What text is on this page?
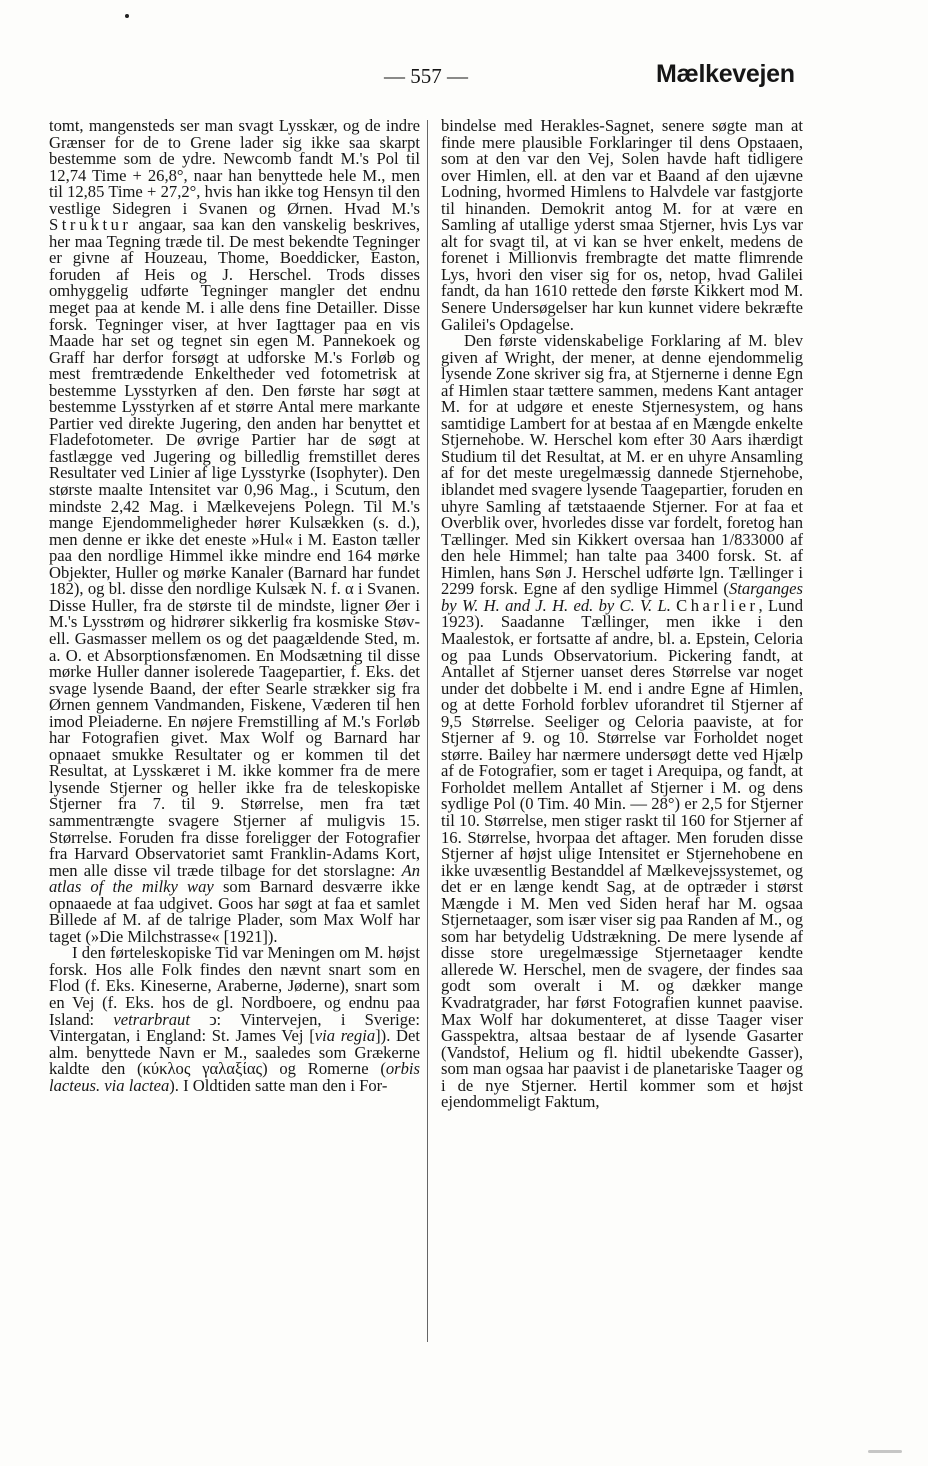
— 557 —	Mælkevejen

tomt, mangensteds ser man svagt Lysskær, og de indre Grænser for de to Grene lader sig ikke saa skarpt bestemme som de ydre. Newcomb fandt M.'s Pol til 12,74 Time + 26,8°, naar han benyttede hele M., men til 12,85 Time + 27,2°, hvis han ikke tog Hensyn til den vestlige Sidegren i Svanen og Ørnen. Hvad M.'s Struktur angaar, saa kan den vanskelig beskrives, her maa Tegning træde til. De mest bekendte Tegninger er givne af Houzeau, Thome, Boeddicker, Easton, foruden af Heis og J. Herschel. Trods disses omhyggelig udførte Tegninger mangler det endnu meget paa at kende M. i alle dens fine Detailler. Disse forsk. Tegninger viser, at hver Iagttager paa en vis Maade har set og tegnet sin egen M. Pannekoek og Graff har derfor forsøgt at udforske M.'s Forløb og mest fremtrædende Enkeltheder ved fotometrisk at bestemme Lysstyrken af den. Den første har søgt at bestemme Lysstyrken af et større Antal mere markante Partier ved direkte Jugering, den anden har benyttet et Fladefotometer. De øvrige Partier har de søgt at fastlægge ved Jugering og billedlig fremstillet deres Resultater ved Linier af lige Lysstyrke (Isophyter). Den største maalte Intensitet var 0,96 Mag., i Scutum, den mindste 2,42 Mag. i Mælkevejens Polegn. Til M.'s mange Ejendommeligheder hører Kulsækken (s. d.), men denne er ikke det eneste »Hul« i M. Easton tæller paa den nordlige Himmel ikke mindre end 164 mørke Objekter, Huller og mørke Kanaler (Barnard har fundet 182), og bl. disse den nordlige Kulsæk N. f. α i Svanen. Disse Huller, fra de største til de mindste, ligner Øer i M.'s Lysstrøm og hidrører sikkerlig fra kosmiske Støv- ell. Gasmasser mellem os og det paagældende Sted, m. a. O. et Absorptionsfænomen. En Modsætning til disse mørke Huller danner isolerede Taagepartier, f. Eks. det svage lysende Baand, der efter Searle strækker sig fra Ørnen gennem Vandmanden, Fiskene, Væderen til hen imod Pleiaderne. En nøjere Fremstilling af M.'s Forløb har Fotografien givet. Max Wolf og Barnard har opnaaet smukke Resultater og er kommen til det Resultat, at Lysskæret i M. ikke kommer fra de mere lysende Stjerner og heller ikke fra de teleskopiske Stjerner fra 7. til 9. Størrelse, men fra tæt sammentrængte svagere Stjerner af muligvis 15. Størrelse. Foruden fra disse foreligger der Fotografier fra Harvard Observatoriet samt Franklin-Adams Kort, men alle disse vil træde tilbage for det storslagne: An atlas of the milky way som Barnard desværre ikke opnaaede at faa udgivet. Goos har søgt at faa et samlet Billede af M. af de talrige Plader, som Max Wolf har taget (»Die Milchstrasse« [1921]).

I den førteleskopiske Tid var Meningen om M. højst forsk. Hos alle Folk findes den nævnt snart som en Flod (f. Eks. Kineserne, Araberne, Jøderne), snart som en Vej (f. Eks. hos de gl. Nordboere, og endnu paa Island: vetrarbraut ↄ: Vintervejen, i Sverige: Vintergatan, i England: St. James Vej [via regia]). Det alm. benyttede Navn er M., saaledes som Grækerne kaldte den (κύκλος γαλαξίας) og Romerne (orbis lacteus. via lactea). I Oldtiden satte man den i For-

bindelse med Herakles-Sagnet, senere søgte man at finde mere plausible Forklaringer til dens Opstaaen, som at den var den Vej, Solen havde haft tidligere over Himlen, ell. at den var et Baand af den ujævne Lodning, hvormed Himlens to Halvdele var fastgjorte til hinanden. Demokrit antog M. for at være en Samling af utallige yderst smaa Stjerner, hvis Lys var alt for svagt til, at vi kan se hver enkelt, medens de forenet i Millionvis frembragte det matte flimrende Lys, hvori den viser sig for os, netop, hvad Galilei fandt, da han 1610 rettede den første Kikkert mod M. Senere Undersøgelser har kun kunnet videre bekræfte Galilei's Opdagelse.

Den første videnskabelige Forklaring af M. blev given af Wright, der mener, at denne ejendommelig lysende Zone skriver sig fra, at Stjernerne i denne Egn af Himlen staar tættere sammen, medens Kant antager M. for at udgøre et eneste Stjernesystem, og hans samtidige Lambert for at bestaa af en Mængde enkelte Stjernehobe. W. Herschel kom efter 30 Aars ihærdigt Studium til det Resultat, at M. er en uhyre Ansamling af for det meste uregelmæssig dannede Stjernehobe, iblandet med svagere lysende Taagepartier, foruden en uhyre Samling af tætstaaende Stjerner. For at faa et Overblik over, hvorledes disse var fordelt, foretog han Tællinger. Med sin Kikkert oversaa han 1/833000 af den hele Himmel; han talte paa 3400 forsk. St. af Himlen, hans Søn J. Herschel udførte lgn. Tællinger i 2299 forsk. Egne af den sydlige Himmel (Starganges by W. H. and J. H. ed. by C. V. L. Charlier, Lund 1923). Saadanne Tællinger, men ikke i den Maalestok, er fortsatte af andre, bl. a. Epstein, Celoria og paa Lunds Observatorium. Pickering fandt, at Antallet af Stjerner uanset deres Størrelse var noget under det dobbelte i M. end i andre Egne af Himlen, og at dette Forhold forblev uforandret til Stjerner af 9,5 Størrelse. Seeliger og Celoria paaviste, at for Stjerner af 9. og 10. Størrelse var Forholdet noget større. Bailey har nærmere undersøgt dette ved Hjælp af de Fotografier, som er taget i Arequipa, og fandt, at Forholdet mellem Antallet af Stjerner i M. og dens sydlige Pol (0 Tim. 40 Min. — 28°) er 2,5 for Stjerner til 10. Størrelse, men stiger raskt til 160 for Stjerner af 16. Størrelse, hvorpaa det aftager. Men foruden disse Stjerner af højst ulige Intensitet er Stjernehobene en ikke uvæsentlig Bestanddel af Mælkevejssystemet, og det er en længe kendt Sag, at de optræder i størst Mængde i M. Men ved Siden heraf har M. ogsaa Stjernetaager, som især viser sig paa Randen af M., og som har betydelig Udstrækning. De mere lysende af disse store uregelmæssige Stjernetaager kendte allerede W. Herschel, men de svagere, der findes saa godt som overalt i M. og dækker mange Kvadratgrader, har først Fotografien kunnet paavise. Max Wolf har dokumenteret, at disse Taager viser Gasspektra, altsaa bestaar de af lysende Gasarter (Vandstof, Helium og fl. hidtil ubekendte Gasser), som man ogsaa har paavist i de planetariske Taager og i de nye Stjerner. Hertil kommer som et højst ejendommeligt Faktum,
